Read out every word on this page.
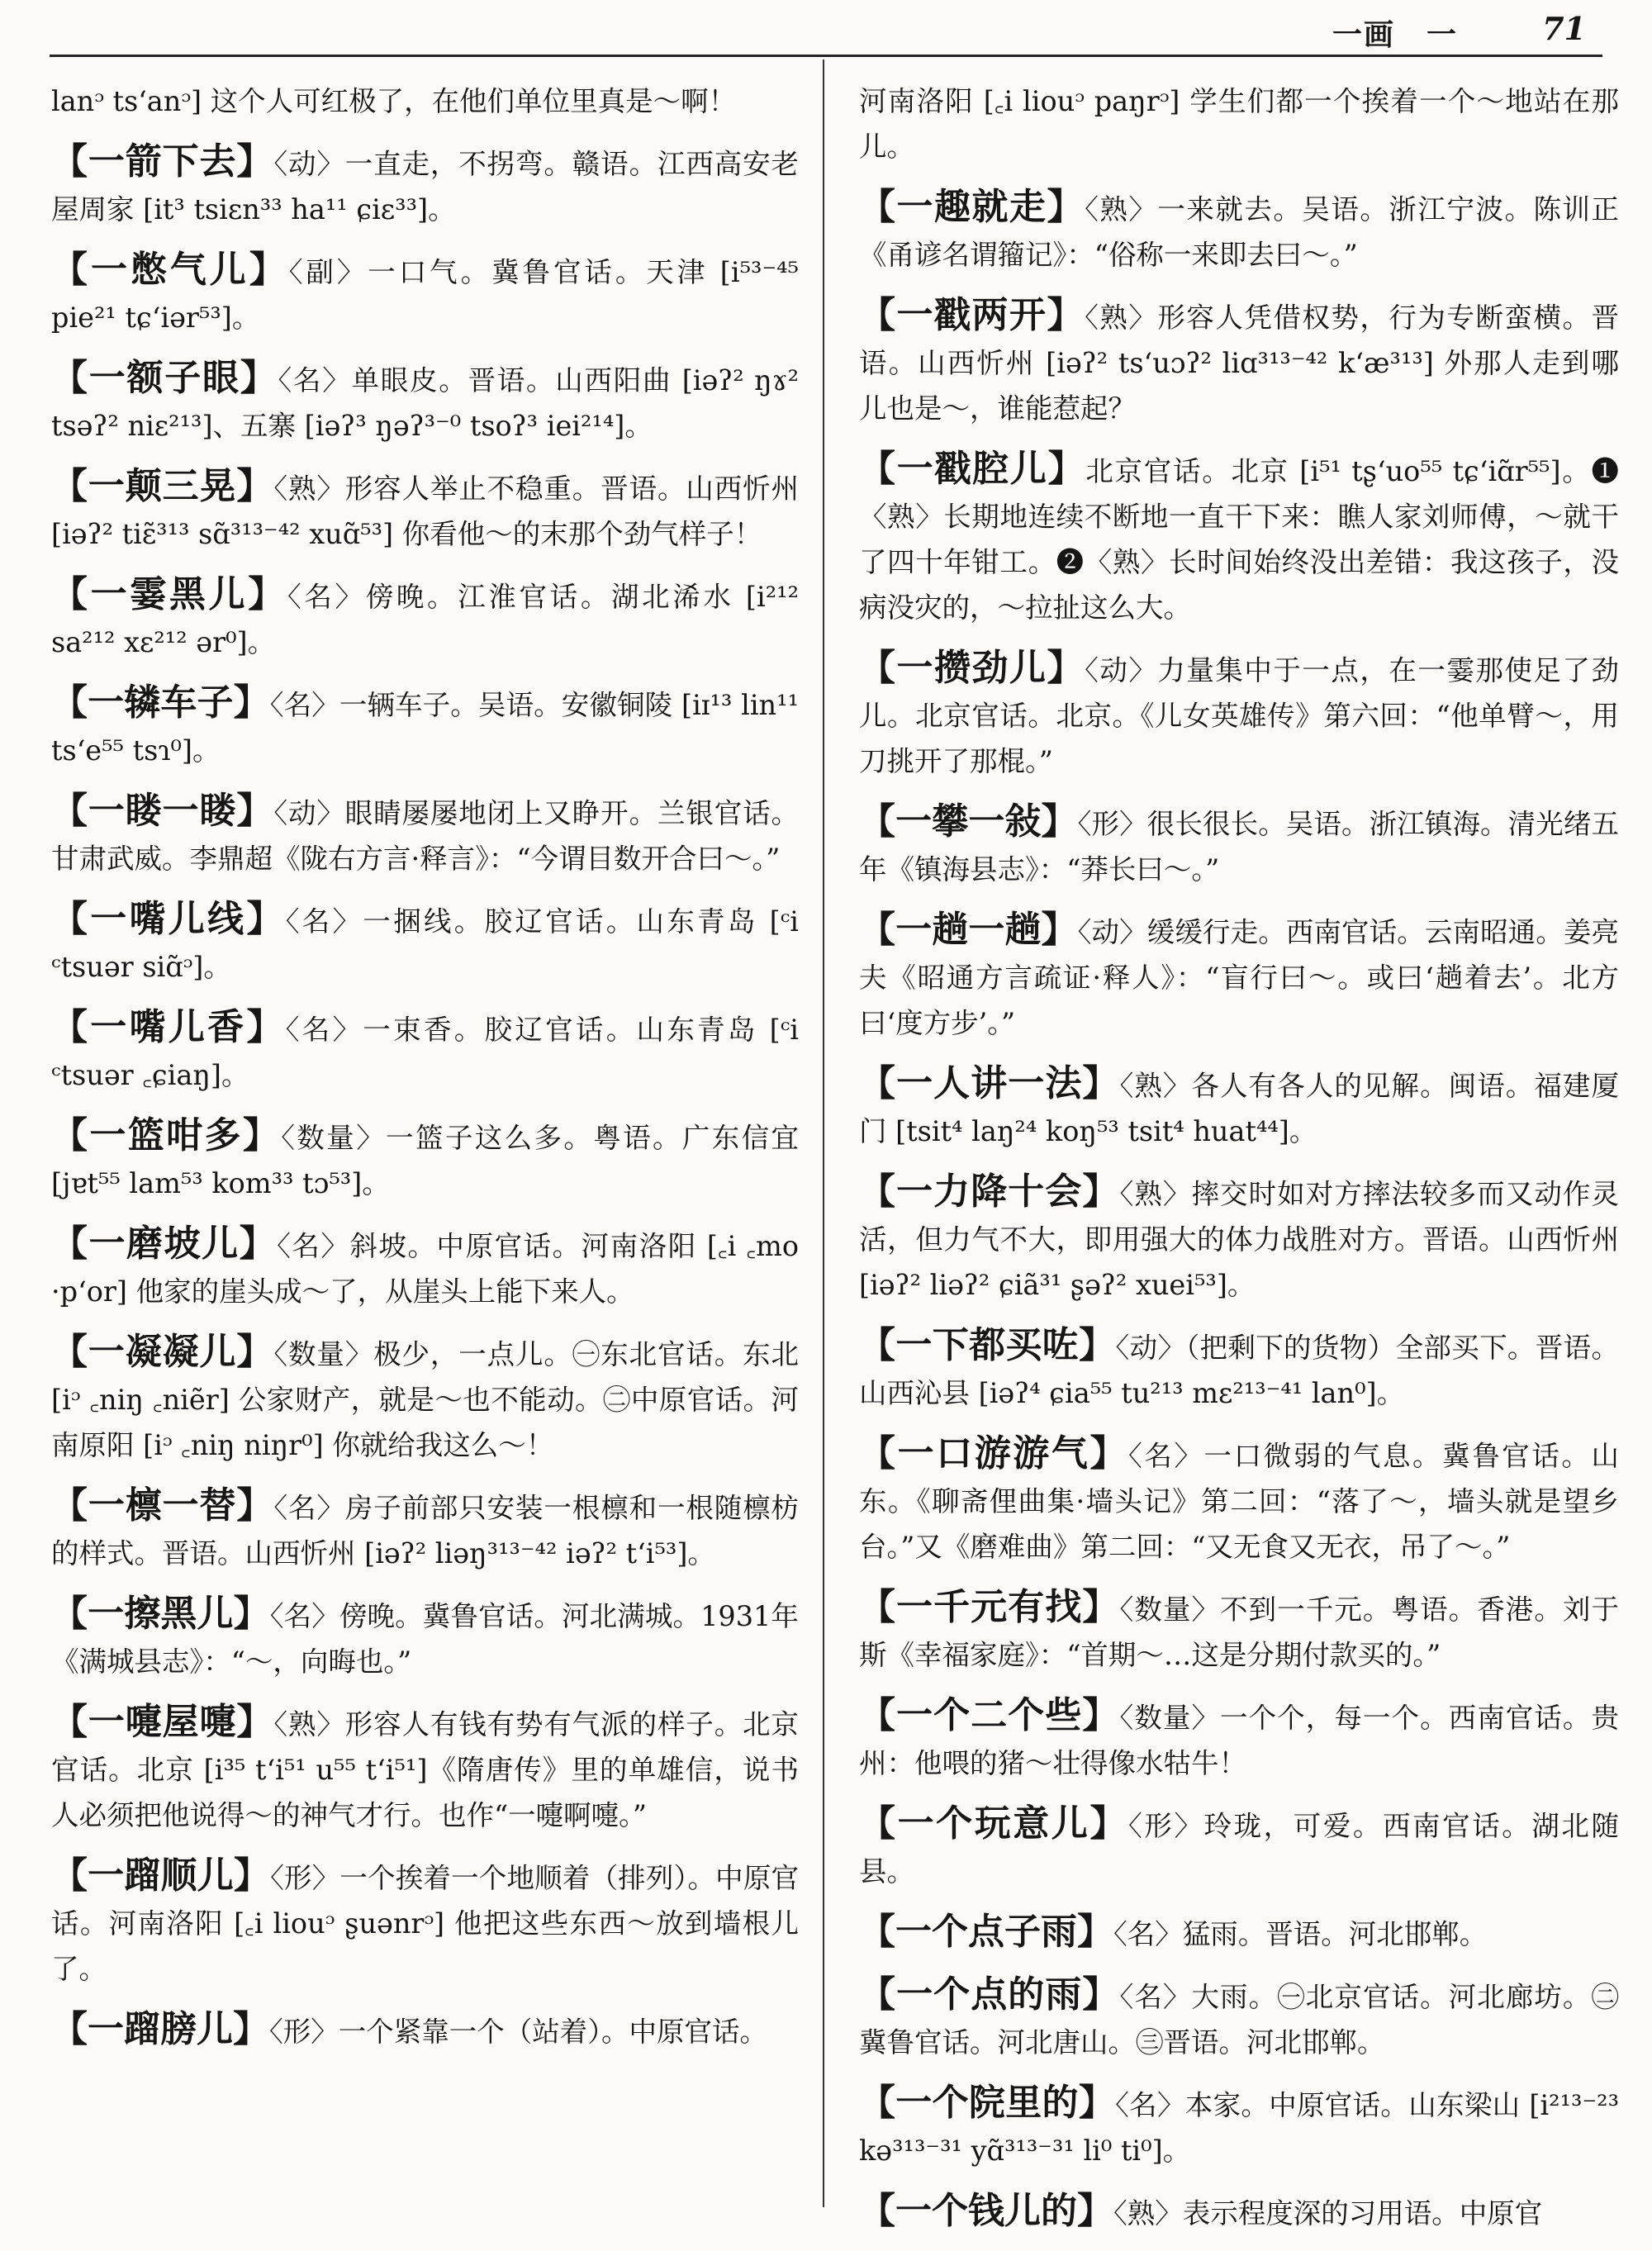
一画　一	71

lanᵓ ts‘anᵓ] 这个人可红极了，在他们单位里真是～啊！

【一箭下去】〈动〉一直走，不拐弯。赣语。江西高安老屋周家 [it³ tsiɛn³³ ha¹¹ ɕiɛ³³]。

【一憋气儿】〈副〉一口气。冀鲁官话。天津 [i⁵³⁻⁴⁵ pie²¹ tɕ‘iər⁵³]。

【一额子眼】〈名〉单眼皮。晋语。山西阳曲 [iəʔ² ŋɤ² tsəʔ² niɛ²¹³]、五寨 [iəʔ³ ŋəʔ³⁻⁰ tsoʔ³ iei²¹⁴]。

【一颠三晃】〈熟〉形容人举止不稳重。晋语。山西忻州 [iəʔ² tiɛ̃³¹³ sɑ̃³¹³⁻⁴² xuɑ̃⁵³] 你看他～的末那个劲气样子！

【一霎黑儿】〈名〉傍晚。江淮官话。湖北浠水 [i²¹² sa²¹² xɛ²¹² ər⁰]。

【一辚车子】〈名〉一辆车子。吴语。安徽铜陵 [iɪ¹³ lin¹¹ ts‘e⁵⁵ tsɿ⁰]。

【一䁖一䁖】〈动〉眼睛屡屡地闭上又睁开。兰银官话。甘肃武威。李鼎超《陇右方言·释言》：“今谓目数开合曰～。”

【一嘴儿线】〈名〉一捆线。胶辽官话。山东青岛 [ᶜi ᶜtsuər siɑ̃ᵓ]。

【一嘴儿香】〈名〉一束香。胶辽官话。山东青岛 [ᶜi ᶜtsuər ꜀ɕiaŋ]。

【一篮咁多】〈数量〉一篮子这么多。粤语。广东信宜 [jɐt⁵⁵ lam⁵³ kom³³ tɔ⁵³]。

【一磨坡儿】〈名〉斜坡。中原官话。河南洛阳 [꜀i ꜀mo ·p‘or] 他家的崖头成～了，从崖头上能下来人。

【一凝凝儿】〈数量〉极少，一点儿。㊀东北官话。东北 [iᵓ ꜀niŋ ꜀niẽr] 公家财产，就是～也不能动。㊁中原官话。河南原阳 [iᵓ ꜀niŋ niŋr⁰] 你就给我这么～！

【一檩一替】〈名〉房子前部只安装一根檩和一根随檩枋的样式。晋语。山西忻州 [iəʔ² liəŋ³¹³⁻⁴² iəʔ² t‘i⁵³]。

【一擦黑儿】〈名〉傍晚。冀鲁官话。河北满城。1931年《满城县志》：“～，向晦也。”

【一嚏屋嚏】〈熟〉形容人有钱有势有气派的样子。北京官话。北京 [i³⁵ t‘i⁵¹ u⁵⁵ t‘i⁵¹]《隋唐传》里的单雄信，说书人必须把他说得～的神气才行。也作“一嚏啊嚏。”

【一蹓顺儿】〈形〉一个挨着一个地顺着（排列）。中原官话。河南洛阳 [꜀i liouᵓ ʂuənrᵓ] 他把这些东西～放到墙根儿了。

【一蹓膀儿】〈形〉一个紧靠一个（站着）。中原官话。

河南洛阳 [꜀i liouᵓ paŋrᵓ] 学生们都一个挨着一个～地站在那儿。

【一趣就走】〈熟〉一来就去。吴语。浙江宁波。陈训正《甬谚名谓籀记》：“俗称一来即去曰～。”

【一戳两开】〈熟〉形容人凭借权势，行为专断蛮横。晋语。山西忻州 [iəʔ² ts‘uɔʔ² liɑ³¹³⁻⁴² k‘æ³¹³] 外那人走到哪儿也是～，谁能惹起？

【一戳腔儿】北京官话。北京 [i⁵¹ tʂ‘uo⁵⁵ tɕ‘iɑ̃r⁵⁵]。❶〈熟〉长期地连续不断地一直干下来：瞧人家刘师傅，～就干了四十年钳工。❷〈熟〉长时间始终没出差错：我这孩子，没病没灾的，～拉扯这么大。

【一攒劲儿】〈动〉力量集中于一点，在一霎那使足了劲儿。北京官话。北京。《儿女英雄传》第六回：“他单臂～，用刀挑开了那棍。”

【一攀一敍】〈形〉很长很长。吴语。浙江镇海。清光绪五年《镇海县志》：“莽长曰～。”

【一趟一趟】〈动〉缓缓行走。西南官话。云南昭通。姜亮夫《昭通方言疏证·释人》：“盲行曰～。或曰‘趟着去’。北方曰‘度方步’。”

【一人讲一法】〈熟〉各人有各人的见解。闽语。福建厦门 [tsit⁴ laŋ²⁴ koŋ⁵³ tsit⁴ huat⁴⁴]。

【一力降十会】〈熟〉摔交时如对方摔法较多而又动作灵活，但力气不大，即用强大的体力战胜对方。晋语。山西忻州 [iəʔ² liəʔ² ɕiã³¹ ʂəʔ² xuei⁵³]。

【一下都买咗】〈动〉（把剩下的货物）全部买下。晋语。山西沁县 [iəʔ⁴ ɕia⁵⁵ tu²¹³ mɛ²¹³⁻⁴¹ lan⁰]。

【一口游游气】〈名〉一口微弱的气息。冀鲁官话。山东。《聊斋俚曲集·墙头记》第二回：“落了～，墙头就是望乡台。”又《磨难曲》第二回：“又无食又无衣，吊了～。”

【一千元有找】〈数量〉不到一千元。粤语。香港。刘于斯《幸福家庭》：“首期～…这是分期付款买的。”

【一个二个些】〈数量〉一个个，每一个。西南官话。贵州：他喂的猪～壮得像水牯牛！

【一个玩意儿】〈形〉玲珑，可爱。西南官话。湖北随县。

【一个点子雨】〈名〉猛雨。晋语。河北邯郸。

【一个点的雨】〈名〉大雨。㊀北京官话。河北廊坊。㊁冀鲁官话。河北唐山。㊂晋语。河北邯郸。

【一个院里的】〈名〉本家。中原官话。山东梁山 [i²¹³⁻²³ kə³¹³⁻³¹ yɑ̃³¹³⁻³¹ li⁰ ti⁰]。

【一个钱儿的】〈熟〉表示程度深的习用语。中原官
